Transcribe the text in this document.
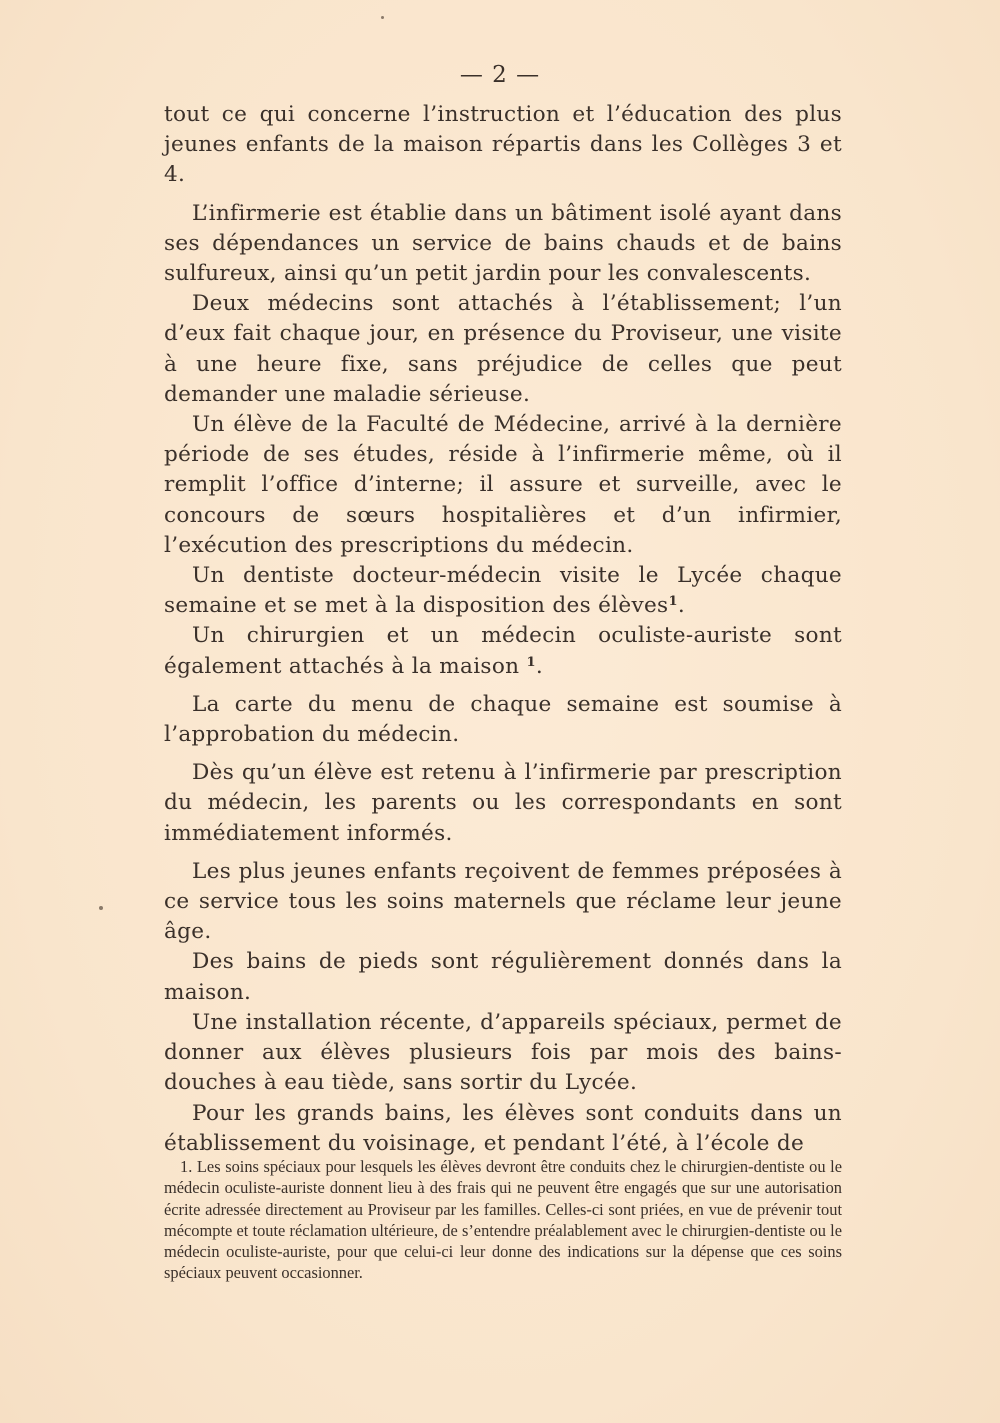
— 2 —

tout ce qui concerne l’instruction et l’éducation des plus jeunes enfants de la maison répartis dans les Collèges 3 et 4.

L’infirmerie est établie dans un bâtiment isolé ayant dans ses dépendances un service de bains chauds et de bains sulfureux, ainsi qu’un petit jardin pour les convalescents.

Deux médecins sont attachés à l’établissement; l’un d’eux fait chaque jour, en présence du Proviseur, une visite à une heure fixe, sans préjudice de celles que peut demander une maladie sérieuse.

Un élève de la Faculté de Médecine, arrivé à la dernière période de ses études, réside à l’infirmerie même, où il remplit l’office d’interne; il assure et surveille, avec le concours de sœurs hospitalières et d’un infirmier, l’exécution des prescriptions du médecin.

Un dentiste docteur-médecin visite le Lycée chaque semaine et se met à la disposition des élèves$^1$.

Un chirurgien et un médecin oculiste-auriste sont également attachés à la maison $^1$.

La carte du menu de chaque semaine est soumise à l’approbation du médecin.

Dès qu’un élève est retenu à l’infirmerie par prescription du médecin, les parents ou les correspondants en sont immédiatement informés.

Les plus jeunes enfants reçoivent de femmes préposées à ce service tous les soins maternels que réclame leur jeune âge.

Des bains de pieds sont régulièrement donnés dans la maison.

Une installation récente, d’appareils spéciaux, permet de donner aux élèves plusieurs fois par mois des bains-douches à eau tiède, sans sortir du Lycée.

Pour les grands bains, les élèves sont conduits dans un établissement du voisinage, et pendant l’été, à l’école de

1. Les soins spéciaux pour lesquels les élèves devront être conduits chez le chirurgien-dentiste ou le médecin oculiste-auriste donnent lieu à des frais qui ne peuvent être engagés que sur une autorisation écrite adressée directement au Proviseur par les familles. Celles-ci sont priées, en vue de prévenir tout mécompte et toute réclamation ultérieure, de s’entendre préalablement avec le chirurgien-dentiste ou le médecin oculiste-auriste, pour que celui-ci leur donne des indications sur la dépense que ces soins spéciaux peuvent occasionner.
